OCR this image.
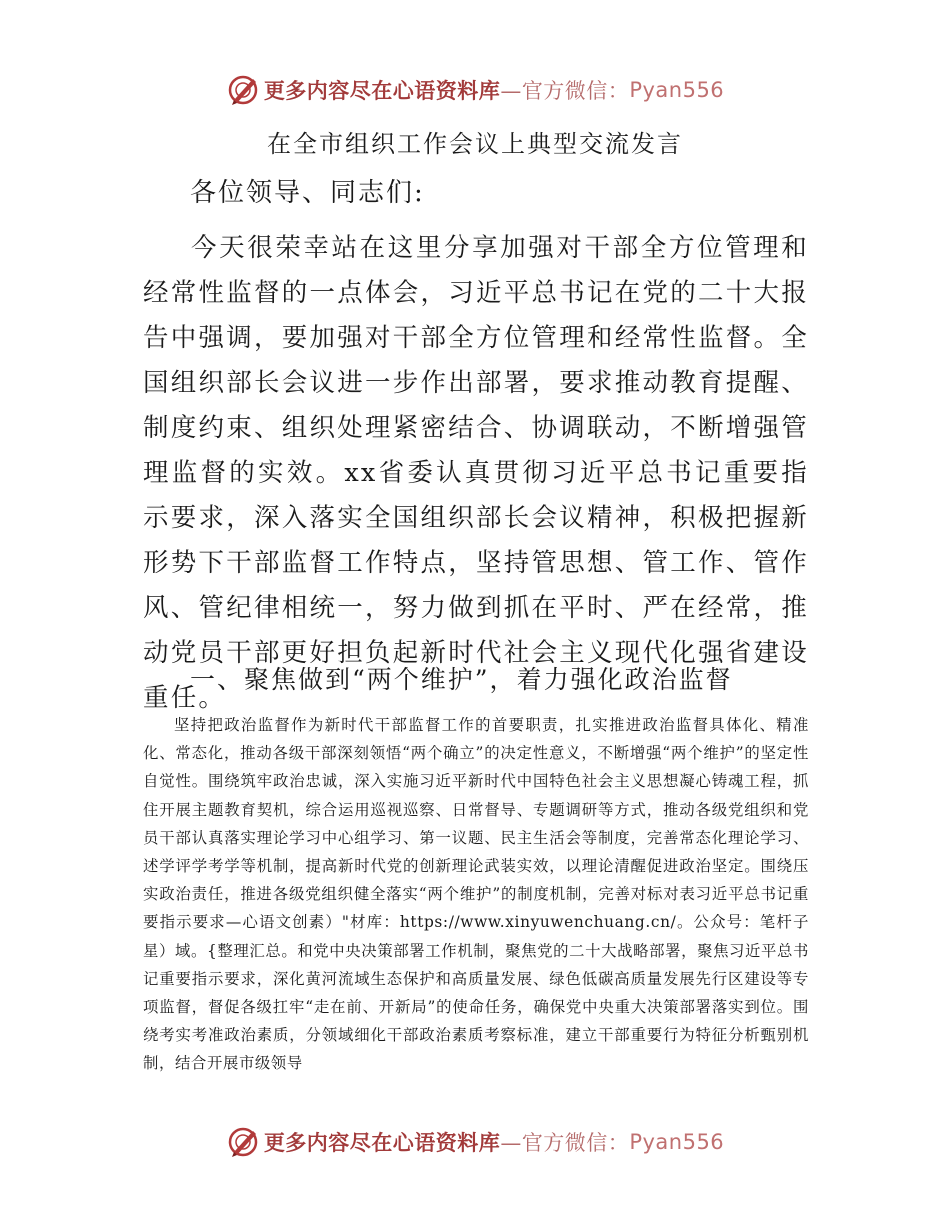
更多内容尽在心语资料库 —官方微信： Pyan556
在全市组织工作会议上典型交流发言
各位领导、同志们:

今天很荣幸站在这里分享加强对干部全方位管理和经常性监督的一点体会，习近平总书记在党的二十大报告中强调，要加强对干部全方位管理和经常性监督。全国组织部长会议进一步作出部署，要求推动教育提醒、制度约束、组织处理紧密结合、协调联动，不断增强管理监督的实效。xx省委认真贯彻习近平总书记重要指示要求，深入落实全国组织部长会议精神，积极把握新形势下干部监督工作特点，坚持管思想、管工作、管作风、管纪律相统一，努力做到抓在平时、严在经常，推动党员干部更好担负起新时代社会主义现代化强省建设重任。

一、聚焦做到“两个维护”，着力强化政治监督

坚持把政治监督作为新时代干部监督工作的首要职责，扎实推进政治监督具体化、精准化、常态化，推动各级干部深刻领悟“两个确立”的决定性意义，不断增强“两个维护”的坚定性自觉性。围绕筑牢政治忠诚，深入实施习近平新时代中国特色社会主义思想凝心铸魂工程，抓住开展主题教育契机，综合运用巡视巡察、日常督导、专题调研等方式，推动各级党组织和党员干部认真落实理论学习中心组学习、第一议题、民主生活会等制度，完善常态化理论学习、述学评学考学等机制，提高新时代党的创新理论武装实效，以理论清醒促进政治坚定。围绕压实政治责任，推进各级党组织健全落实“两个维护”的制度机制，完善对标对表习近平总书记重要指示要求—心语文创素）"材库：https://www.xinyuwenchuang.cn/。公众号：笔杆子星）域。{整理汇总。和党中央决策部署工作机制，聚焦党的二十大战略部署，聚焦习近平总书记重要指示要求，深化黄河流域生态保护和高质量发展、绿色低碳高质量发展先行区建设等专项监督，督促各级扛牢“走在前、开新局”的使命任务，确保党中央重大决策部署落实到位。围绕考实考准政治素质，分领域细化干部政治素质考察标准，建立干部重要行为特征分析甄别机制，结合开展市级领导

更多内容尽在心语资料库 —官方微信： Pyan556
